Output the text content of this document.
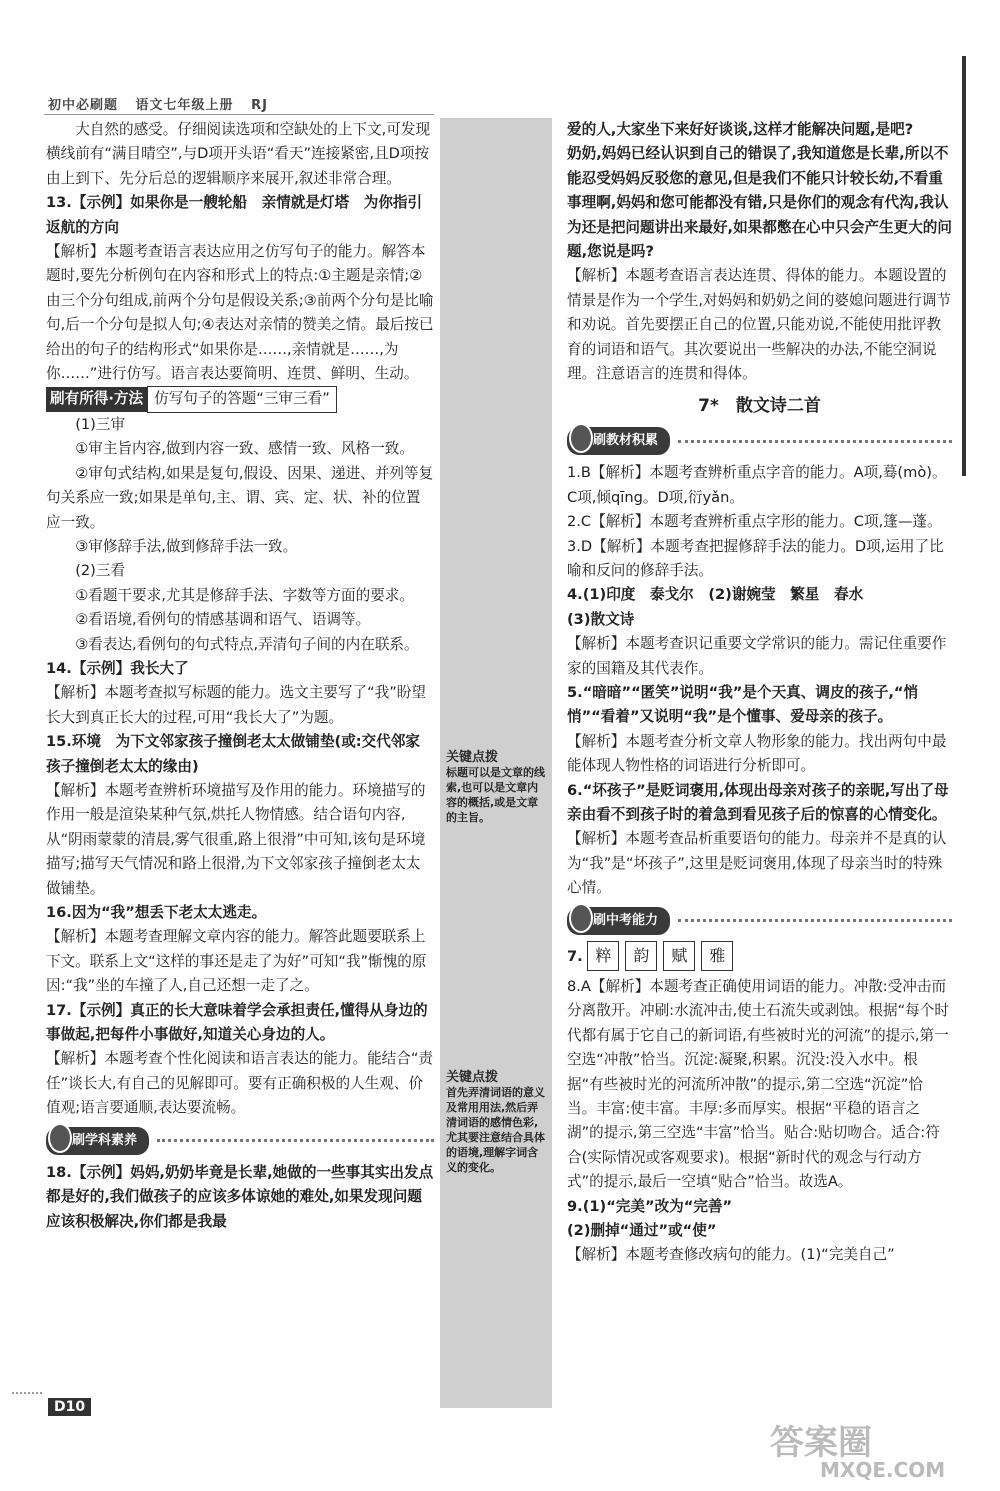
初中必刷题 语文七年级上册 RJ

大自然的感受。仔细阅读选项和空缺处的上下文,可发现横线前有“满目晴空”,与D项开头语“看天”连接紧密,且D项按由上到下、先分后总的逻辑顺序来展开,叙述非常合理。

13.【示例】如果你是一艘轮船　亲情就是灯塔　为你指引返航的方向

【解析】本题考查语言表达应用之仿写句子的能力。解答本题时,要先分析例句在内容和形式上的特点:①主题是亲情;②由三个分句组成,前两个分句是假设关系;③前两个分句是比喻句,后一个分句是拟人句;④表达对亲情的赞美之情。最后按已给出的句子的结构形式“如果你是……,亲情就是……,为你……”进行仿写。语言表达要简明、连贯、鲜明、生动。

刷有所得·方法 仿写句子的答题“三审三看”

(1)三审

①审主旨内容,做到内容一致、感情一致、风格一致。

②审句式结构,如果是复句,假设、因果、递进、并列等复句关系应一致;如果是单句,主、谓、宾、定、状、补的位置应一致。

③审修辞手法,做到修辞手法一致。

(2)三看

①看题干要求,尤其是修辞手法、字数等方面的要求。

②看语境,看例句的情感基调和语气、语调等。

③看表达,看例句的句式特点,弄清句子间的内在联系。

14.【示例】我长大了

【解析】本题考查拟写标题的能力。选文主要写了“我”盼望长大到真正长大的过程,可用“我长大了”为题。

15.环境　为下文邻家孩子撞倒老太太做铺垫(或:交代邻家孩子撞倒老太太的缘由)

【解析】本题考查辨析环境描写及作用的能力。环境描写的作用一般是渲染某种气氛,烘托人物情感。结合语句内容,从“阴雨蒙蒙的清晨,雾气很重,路上很滑”中可知,该句是环境描写;描写天气情况和路上很滑,为下文邻家孩子撞倒老太太做铺垫。

16.因为“我”想丢下老太太逃走。

【解析】本题考查理解文章内容的能力。解答此题要联系上下文。联系上文“这样的事还是走了为好”可知“我”惭愧的原因:“我”坐的车撞了人,自己还想一走了之。

17.【示例】真正的长大意味着学会承担责任,懂得从身边的事做起,把每件小事做好,知道关心身边的人。

【解析】本题考查个性化阅读和语言表达的能力。能结合“责任”谈长大,有自己的见解即可。要有正确积极的人生观、价值观;语言要通顺,表达要流畅。

刷学科素养

18.【示例】妈妈,奶奶毕竟是长辈,她做的一些事其实出发点都是好的,我们做孩子的应该多体谅她的难处,如果发现问题应该积极解决,你们都是我最

关键点拨
标题可以是文章的线索,也可以是文章内容的概括,或是文章的主旨。
关键点拨
首先弄清词语的意义及常用用法,然后弄清词语的感情色彩,尤其要注意结合具体的语境,理解字词含义的变化。

爱的人,大家坐下来好好谈谈,这样才能解决问题,是吧?

奶奶,妈妈已经认识到自己的错误了,我知道您是长辈,所以不能忍受妈妈反驳您的意见,但是我们不能只计较长幼,不看重事理啊,妈妈和您可能都没有错,只是你们的观念有代沟,我认为还是把问题讲出来最好,如果都憋在心中只会产生更大的问题,您说是吗?

【解析】本题考查语言表达连贯、得体的能力。本题设置的情景是作为一个学生,对妈妈和奶奶之间的婆媳问题进行调节和劝说。首先要摆正自己的位置,只能劝说,不能使用批评教育的词语和语气。其次要说出一些解决的办法,不能空洞说理。注意语言的连贯和得体。

7*　散文诗二首
刷教材积累

1.B【解析】本题考查辨析重点字音的能力。A项,蓦(mò)。C项,倾qīng。D项,衍yǎn。

2.C【解析】本题考查辨析重点字形的能力。C项,篷—蓬。

3.D【解析】本题考查把握修辞手法的能力。D项,运用了比喻和反问的修辞手法。

4.(1)印度　泰戈尔　(2)谢婉莹　繁星　春水

(3)散文诗

【解析】本题考查识记重要文学常识的能力。需记住重要作家的国籍及其代表作。

5.“暗暗”“匿笑”说明“我”是个天真、调皮的孩子,“悄悄”“看着”又说明“我”是个懂事、爱母亲的孩子。

【解析】本题考查分析文章人物形象的能力。找出两句中最能体现人物性格的词语进行分析即可。

6.“坏孩子”是贬词褒用,体现出母亲对孩子的亲昵,写出了母亲由看不到孩子时的着急到看见孩子后的惊喜的心情变化。

【解析】本题考查品析重要语句的能力。母亲并不是真的认为“我”是“坏孩子”,这里是贬词褒用,体现了母亲当时的特殊心情。

刷中考能力

7. 粹 韵 赋 雅

8.A【解析】本题考查正确使用词语的能力。冲散:受冲击而分离散开。冲刷:水流冲击,使土石流失或剥蚀。根据“每个时代都有属于它自己的新词语,有些被时光的河流”的提示,第一空选“冲散”恰当。沉淀:凝聚,积累。沉没:没入水中。根据“有些被时光的河流所冲散”的提示,第二空选“沉淀”恰当。丰富:使丰富。丰厚:多而厚实。根据“平稳的语言之湖”的提示,第三空选“丰富”恰当。贴合:贴切吻合。适合:符合(实际情况或客观要求)。根据“新时代的观念与行动方式”的提示,最后一空填“贴合”恰当。故选A。

9.(1)“完美”改为“完善”

(2)删掉“通过”或“使”

【解析】本题考查修改病句的能力。(1)“完美自己”

D10
答案圈
MXQE.COM
